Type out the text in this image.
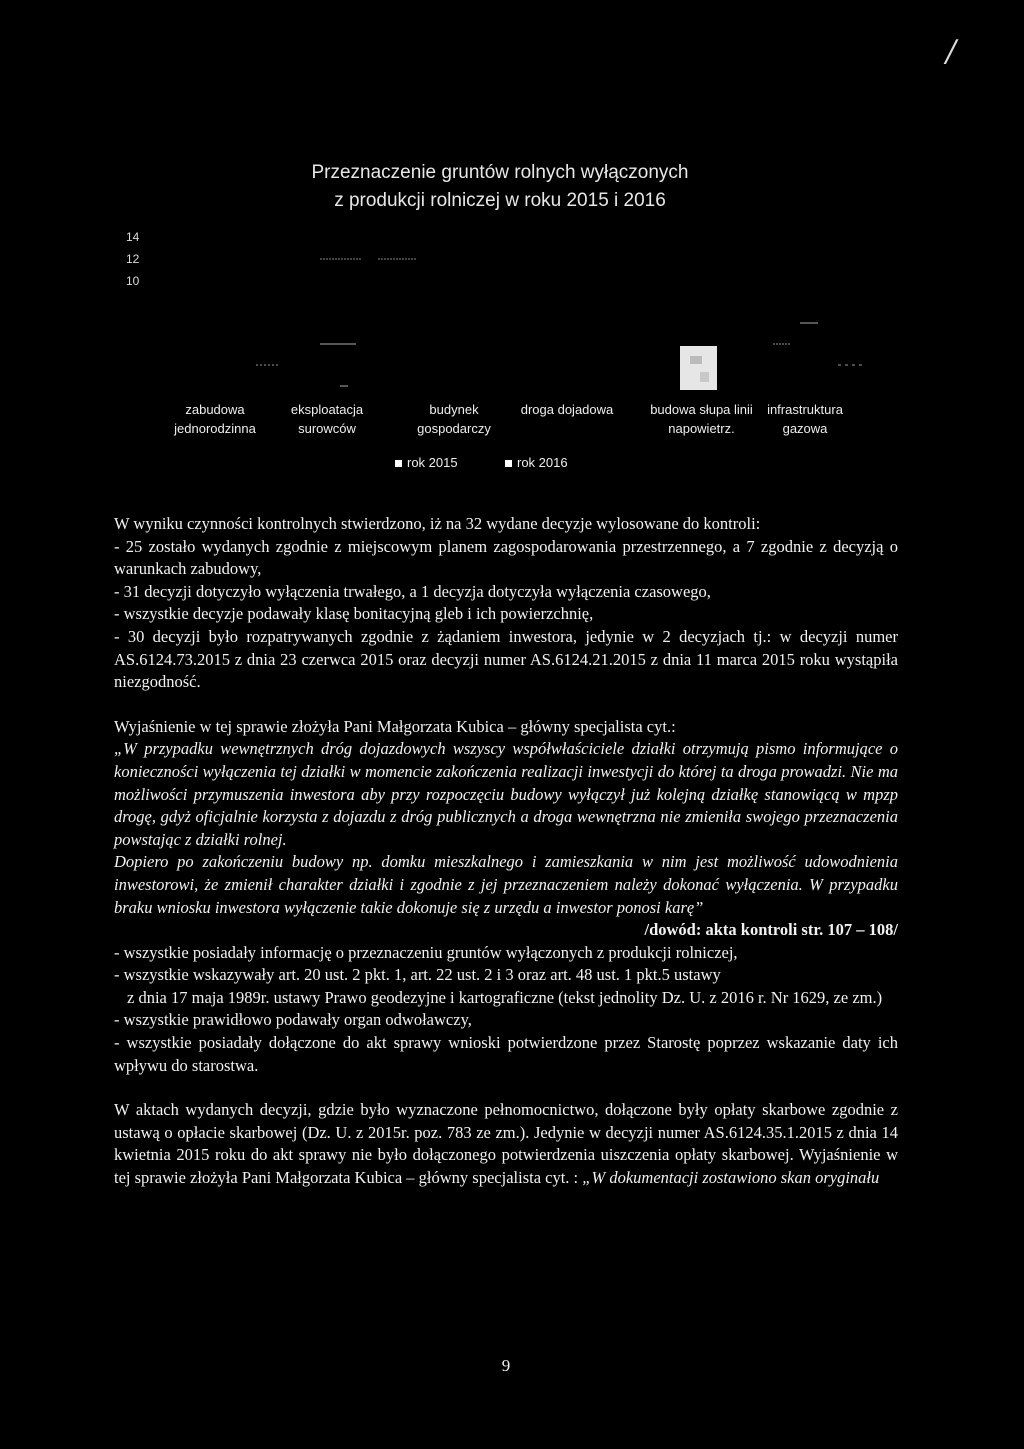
/
Przeznaczenie gruntów rolnych wyłączonych
z produkcji rolniczej w roku 2015 i 2016
14
12
10
zabudowa
jednorodzinna
eksploatacja
surowców
budynek
gospodarczy
droga dojadowa	budowa słupa linii
napowietrz.
infrastruktura
gazowa
rok 2015	rok 2016

W wyniku czynności kontrolnych stwierdzono, iż na 32 wydane decyzje wylosowane do kontroli:

- 25 zostało wydanych zgodnie z miejscowym planem zagospodarowania przestrzennego, a 7 zgodnie z decyzją o warunkach zabudowy,

- 31 decyzji dotyczyło wyłączenia trwałego, a 1 decyzja dotyczyła wyłączenia czasowego,

- wszystkie decyzje podawały klasę bonitacyjną gleb i ich powierzchnię,

- 30 decyzji było rozpatrywanych zgodnie z żądaniem inwestora, jedynie w 2 decyzjach tj.: w decyzji numer AS.6124.73.2015 z dnia 23 czerwca 2015 oraz decyzji numer AS.6124.21.2015 z dnia 11 marca 2015 roku wystąpiła niezgodność.

Wyjaśnienie w tej sprawie złożyła Pani Małgorzata Kubica – główny specjalista cyt.:

„W przypadku wewnętrznych dróg dojazdowych wszyscy współwłaściciele działki otrzymują pismo informujące o konieczności wyłączenia tej działki w momencie zakończenia realizacji inwestycji do której ta droga prowadzi. Nie ma możliwości przymuszenia inwestora aby przy rozpoczęciu budowy wyłączył już kolejną działkę stanowiącą w mpzp drogę, gdyż oficjalnie korzysta z dojazdu z dróg publicznych a droga wewnętrzna nie zmieniła swojego przeznaczenia powstając z działki rolnej.

Dopiero po zakończeniu budowy np. domku mieszkalnego i zamieszkania w nim jest możliwość udowodnienia inwestorowi, że zmienił charakter działki i zgodnie z jej przeznaczeniem należy dokonać wyłączenia. W przypadku braku wniosku inwestora wyłączenie takie dokonuje się z urzędu a inwestor ponosi karę”

/dowód: akta kontroli str. 107 – 108/

- wszystkie posiadały informację o przeznaczeniu gruntów wyłączonych z produkcji rolniczej,

- wszystkie wskazywały art. 20 ust. 2 pkt. 1, art. 22 ust. 2 i 3 oraz art. 48 ust. 1 pkt.5 ustawy

z dnia 17 maja 1989r. ustawy Prawo geodezyjne i kartograficzne (tekst jednolity Dz. U. z 2016 r. Nr 1629, ze zm.)

- wszystkie prawidłowo podawały organ odwoławczy,

- wszystkie posiadały dołączone do akt sprawy wnioski potwierdzone przez Starostę poprzez wskazanie daty ich wpływu do starostwa.

W aktach wydanych decyzji, gdzie było wyznaczone pełnomocnictwo, dołączone były opłaty skarbowe zgodnie z ustawą o opłacie skarbowej (Dz. U. z 2015r. poz. 783 ze zm.). Jedynie w decyzji numer AS.6124.35.1.2015 z dnia 14 kwietnia 2015 roku do akt sprawy nie było dołączonego potwierdzenia uiszczenia opłaty skarbowej. Wyjaśnienie w tej sprawie złożyła Pani Małgorzata Kubica – główny specjalista cyt. : „W dokumentacji zostawiono skan oryginału

9
